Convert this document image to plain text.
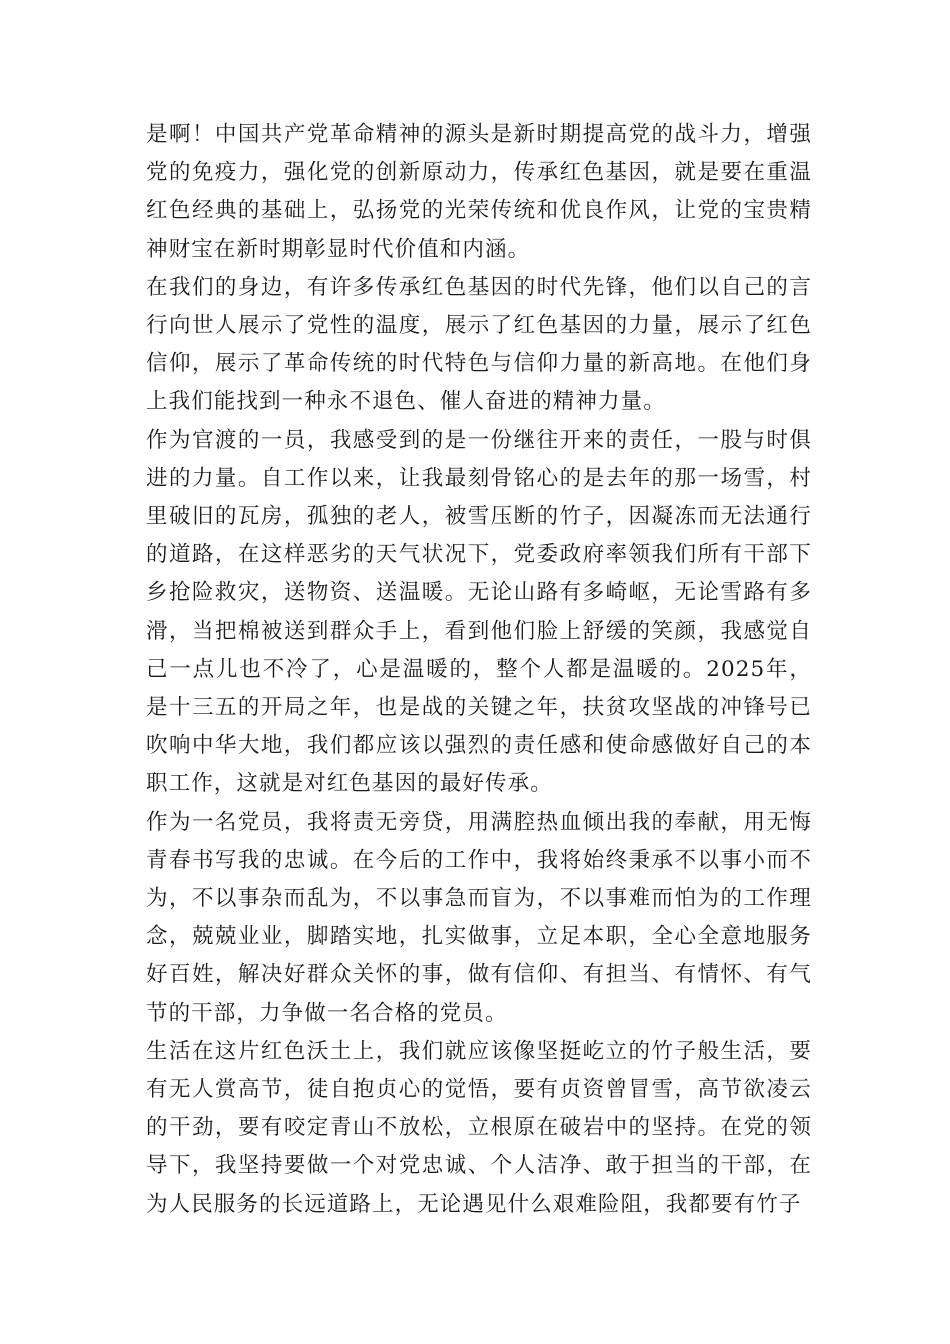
是啊！中国共产党革命精神的源头是新时期提高党的战斗力，增强党的免疫力，强化党的创新原动力，传承红色基因，就是要在重温红色经典的基础上，弘扬党的光荣传统和优良作风，让党的宝贵精神财宝在新时期彰显时代价值和内涵。

在我们的身边，有许多传承红色基因的时代先锋，他们以自己的言行向世人展示了党性的温度，展示了红色基因的力量，展示了红色信仰，展示了革命传统的时代特色与信仰力量的新高地。在他们身上我们能找到一种永不退色、催人奋进的精神力量。

作为官渡的一员，我感受到的是一份继往开来的责任，一股与时俱进的力量。自工作以来，让我最刻骨铭心的是去年的那一场雪，村里破旧的瓦房，孤独的老人，被雪压断的竹子，因凝冻而无法通行的道路，在这样恶劣的天气状况下，党委政府率领我们所有干部下乡抢险救灾，送物资、送温暖。无论山路有多崎岖，无论雪路有多滑，当把棉被送到群众手上，看到他们脸上舒缓的笑颜，我感觉自己一点儿也不冷了，心是温暖的，整个人都是温暖的。2025年，是十三五的开局之年，也是战的关键之年，扶贫攻坚战的冲锋号已吹响中华大地，我们都应该以强烈的责任感和使命感做好自己的本职工作，这就是对红色基因的最好传承。

作为一名党员，我将责无旁贷，用满腔热血倾出我的奉献，用无悔青春书写我的忠诚。在今后的工作中，我将始终秉承不以事小而不为，不以事杂而乱为，不以事急而盲为，不以事难而怕为的工作理念，兢兢业业，脚踏实地，扎实做事，立足本职，全心全意地服务好百姓，解决好群众关怀的事，做有信仰、有担当、有情怀、有气节的干部，力争做一名合格的党员。

生活在这片红色沃土上，我们就应该像坚挺屹立的竹子般生活，要有无人赏高节，徒自抱贞心的觉悟，要有贞资曾冒雪，高节欲凌云的干劲，要有咬定青山不放松，立根原在破岩中的坚持。在党的领导下，我坚持要做一个对党忠诚、个人洁净、敢于担当的干部，在为人民服务的长远道路上，无论遇见什么艰难险阻，我都要有竹子
